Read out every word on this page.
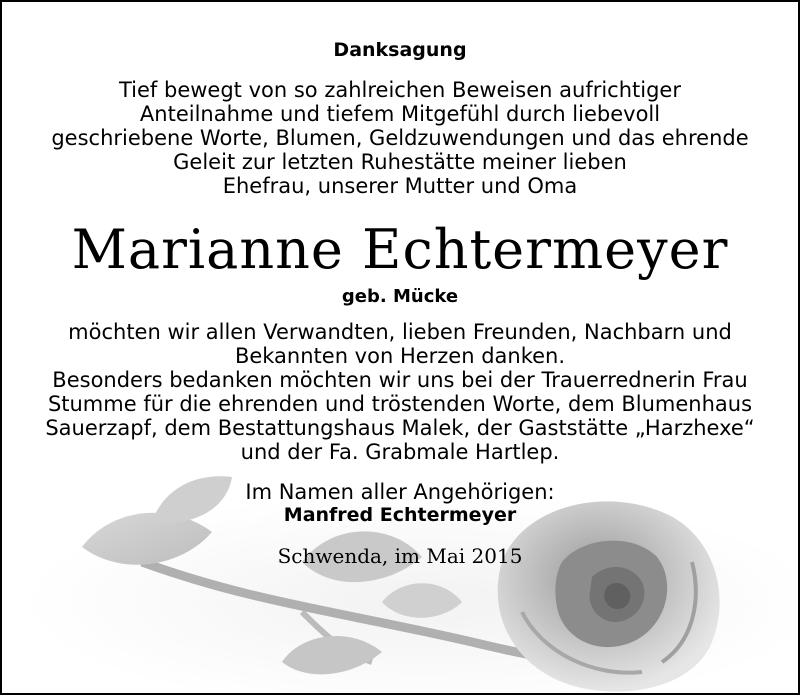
Danksagung
Tief bewegt von so zahlreichen Beweisen aufrichtiger
Anteilnahme und tiefem Mitgefühl durch liebevoll
geschriebene Worte, Blumen, Geldzuwendungen und das ehrende
Geleit zur letzten Ruhestätte meiner lieben
Ehefrau, unserer Mutter und Oma
Marianne Echtermeyer
geb. Mücke
möchten wir allen Verwandten, lieben Freunden, Nachbarn und
Bekannten von Herzen danken.
Besonders bedanken möchten wir uns bei der Trauerrednerin Frau
Stumme für die ehrenden und tröstenden Worte, dem Blumenhaus
Sauerzapf, dem Bestattungshaus Malek, der Gaststätte „Harzhexe“
und der Fa. Grabmale Hartlep.
Im Namen aller Angehörigen:
Manfred Echtermeyer
Schwenda, im Mai 2015
